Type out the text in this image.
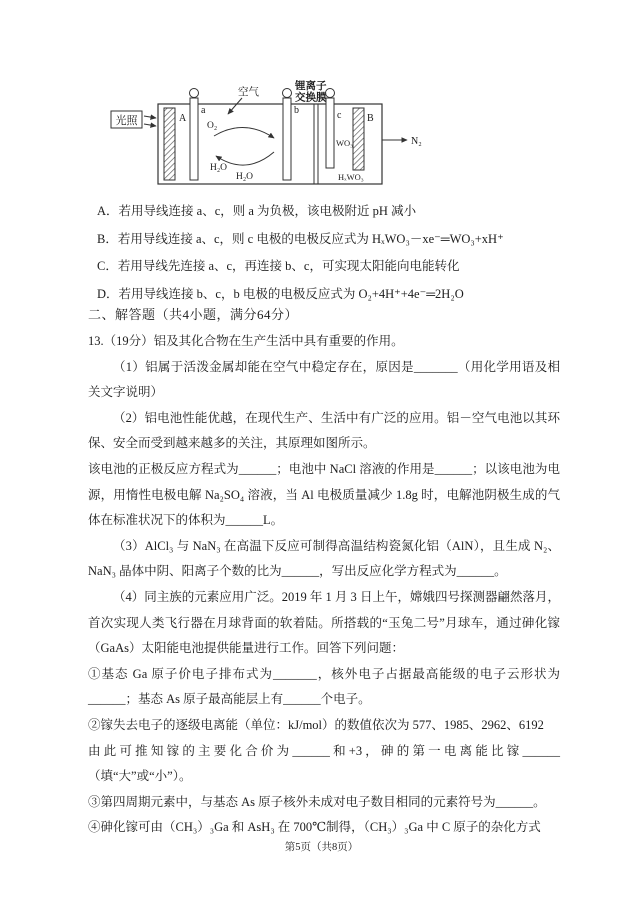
光照
锂离子
交换膜
A
a
空气
O₂
H₂O
H₂O
b	c	B
WO₃
HₓWO₃
N₂

A．若用导线连接 a、c，则 a 为负极，该电极附近 pH 减小

B．若用导线连接 a、c，则 c 电极的电极反应式为 HₓWO₃－xe⁻═WO₃+xH⁺

C．若用导线先连接 a、c，再连接 b、c，可实现太阳能向电能转化

D．若用导线连接 b、c，b 电极的电极反应式为 O₂+4H⁺+4e⁻═2H₂O

二、解答题（共4小题，满分64分）

13.（19分）铝及其化合物在生产生活中具有重要的作用。

（1）铝属于活泼金属却能在空气中稳定存在，原因是_______（用化学用语及相关文字说明）

（2）铝电池性能优越，在现代生产、生活中有广泛的应用。铝－空气电池以其环保、安全而受到越来越多的关注，其原理如图所示。

该电池的正极反应方程式为______；电池中 NaCl 溶液的作用是______；以该电池为电源，用惰性电极电解 Na₂SO₄ 溶液，当 Al 电极质量减少 1.8g 时，电解池阴极生成的气体在标准状况下的体积为______L。

（3）AlCl₃ 与 NaN₃ 在高温下反应可制得高温结构瓷氮化铝（AlN），且生成 N₂、NaN₃ 晶体中阴、阳离子个数的比为______，写出反应化学方程式为______。

（4）同主族的元素应用广泛。2019 年 1 月 3 日上午，嫦娥四号探测器翩然落月，首次实现人类飞行器在月球背面的软着陆。所搭载的“玉兔二号”月球车，通过砷化镓（GaAs）太阳能电池提供能量进行工作。回答下列问题：

①基态 Ga 原子价电子排布式为_______，核外电子占据最高能级的电子云形状为______；基态 As 原子最高能层上有______个电子。

②镓失去电子的逐级电离能（单位：kJ/mol）的数值依次为 577、1985、2962、6192

由此可推知镓的主要化合价为______和+3，砷的第一电离能比镓______（填“大”或“小”）。

③第四周期元素中，与基态 As 原子核外未成对电子数目相同的元素符号为______。

④砷化镓可由（CH₃）₃Ga 和 AsH₃ 在 700℃制得，（CH₃）₃Ga 中 C 原子的杂化方式

第5页（共8页）
